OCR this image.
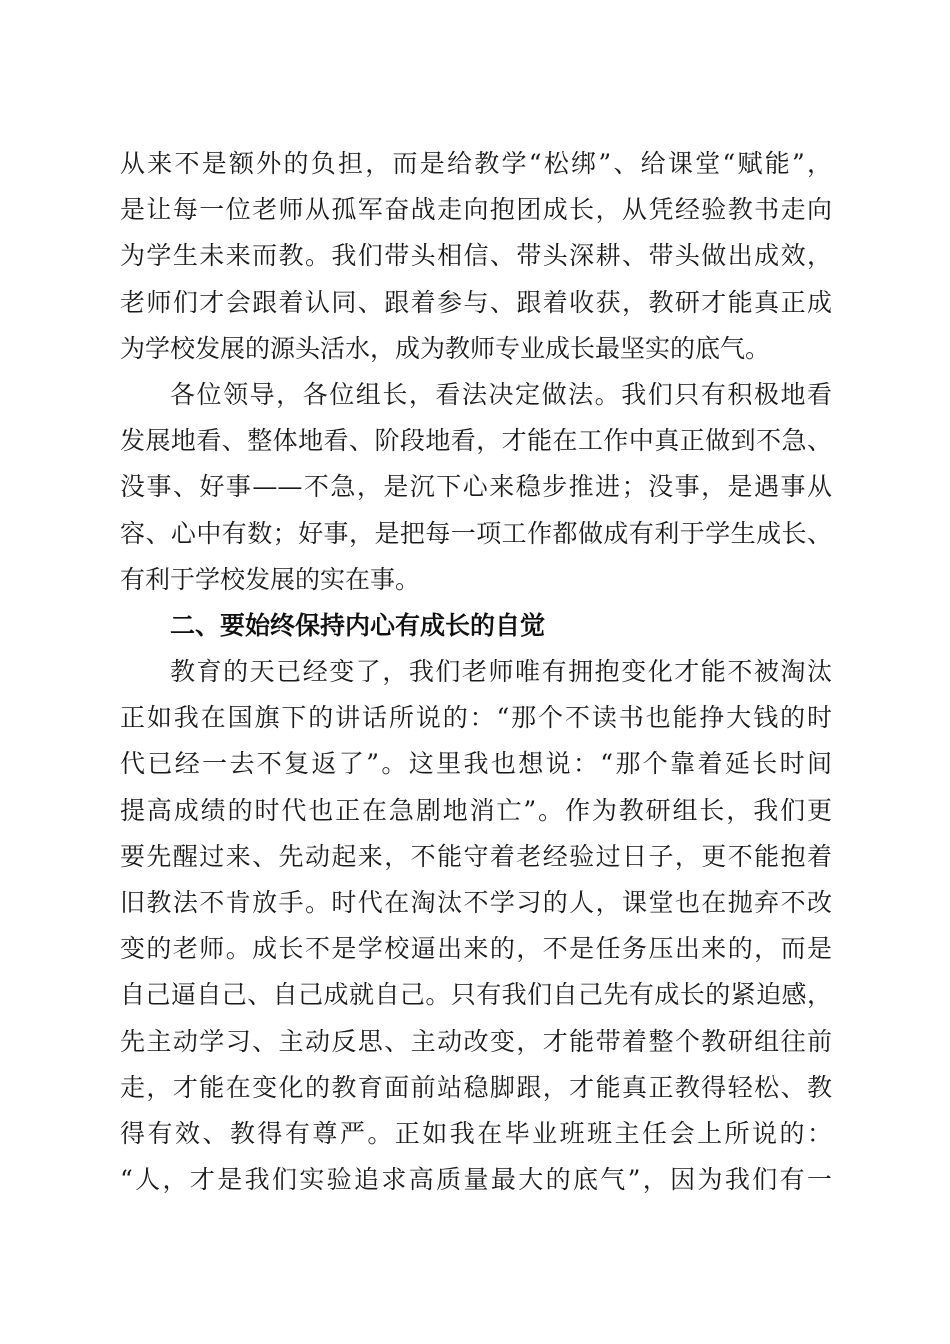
从来不是额外的负担，而是给教学“松绑”、给课堂“赋能”，
是让每一位老师从孤军奋战走向抱团成长，从凭经验教书走向
为学生未来而教。我们带头相信、带头深耕、带头做出成效，
老师们才会跟着认同、跟着参与、跟着收获，教研才能真正成
为学校发展的源头活水，成为教师专业成长最坚实的底气。
各位领导，各位组长，看法决定做法。我们只有积极地看
发展地看、整体地看、阶段地看，才能在工作中真正做到不急、
没事、好事——不急，是沉下心来稳步推进；没事，是遇事从
容、心中有数；好事，是把每一项工作都做成有利于学生成长、
有利于学校发展的实在事。
二、要始终保持内心有成长的自觉
教育的天已经变了，我们老师唯有拥抱变化才能不被淘汰
正如我在国旗下的讲话所说的：“那个不读书也能挣大钱的时
代已经一去不复返了”。这里我也想说：“那个靠着延长时间
提高成绩的时代也正在急剧地消亡”。作为教研组长，我们更
要先醒过来、先动起来，不能守着老经验过日子，更不能抱着
旧教法不肯放手。时代在淘汰不学习的人，课堂也在抛弃不改
变的老师。成长不是学校逼出来的，不是任务压出来的，而是
自己逼自己、自己成就自己。只有我们自己先有成长的紧迫感，
先主动学习、主动反思、主动改变，才能带着整个教研组往前
走，才能在变化的教育面前站稳脚跟，才能真正教得轻松、教
得有效、教得有尊严。正如我在毕业班班主任会上所说的：
“人，才是我们实验追求高质量最大的底气”，因为我们有一
